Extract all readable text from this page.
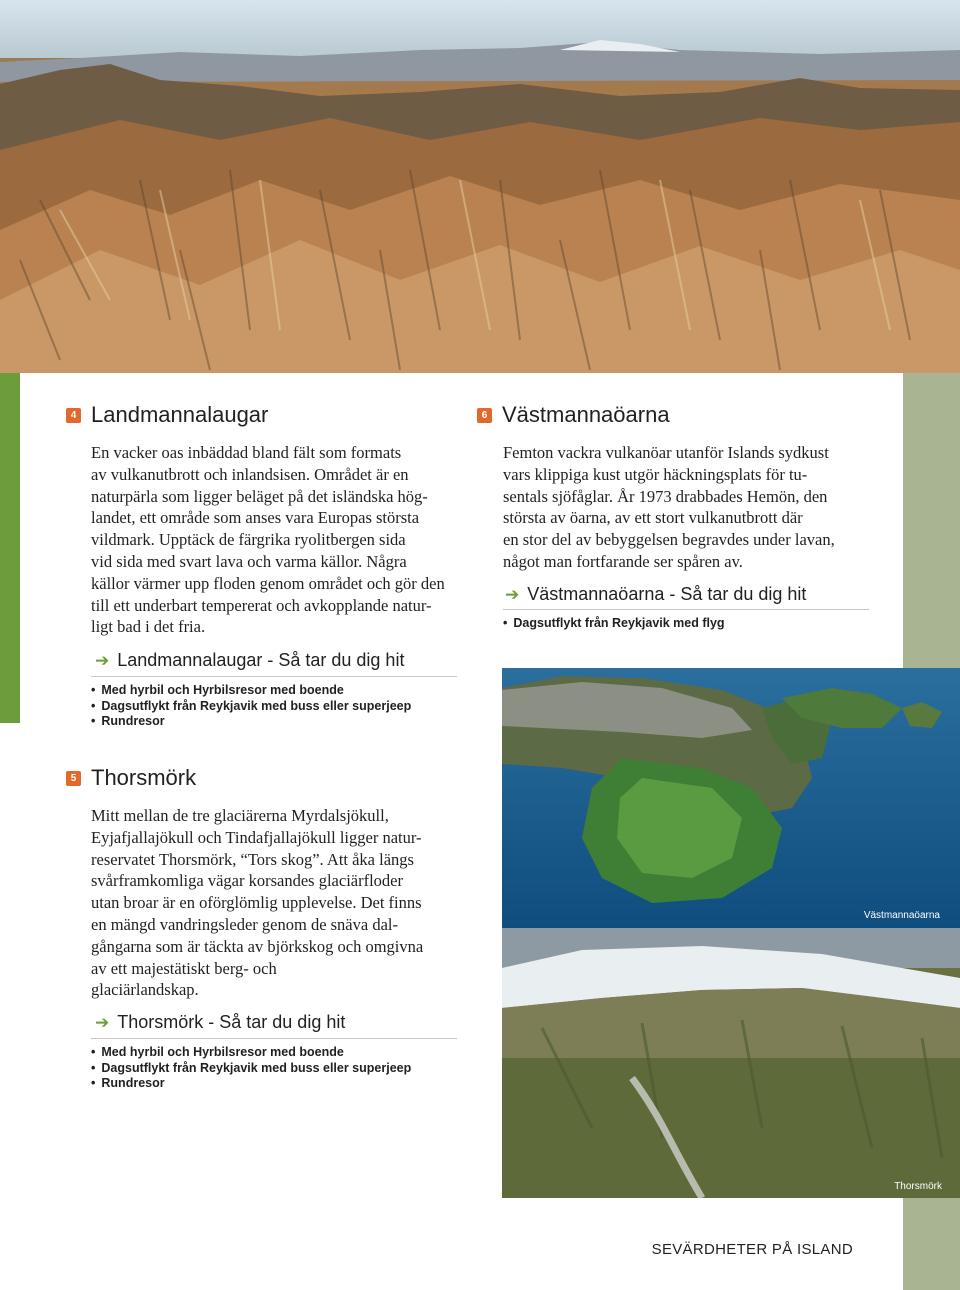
4 Landmannalaugar

En vacker oas inbäddad bland fält som formats

av vulkanutbrott och inlandsisen. Området är en

naturpärla som ligger beläget på det isländska hög-

landet, ett område som anses vara Europas största

vildmark. Upptäck de färgrika ryolitbergen sida

vid sida med svart lava och varma källor. Några

källor värmer upp floden genom området och gör den

till ett underbart tempererat och avkopplande natur-

ligt bad i det fria.

➔ Landmannalaugar - Så tar du dig hit
• Med hyrbil och Hyrbilsresor med boende
• Dagsutflykt från Reykjavik med buss eller superjeep
• Rundresor
5 Thorsmörk

Mitt mellan de tre glaciärerna Myrdalsjökull,

Eyjafjallajökull och Tindafjallajökull ligger natur-

reservatet Thorsmörk, “Tors skog”. Att åka längs

svårframkomliga vägar korsandes glaciärfloder

utan broar är en oförglömlig upplevelse. Det finns

en mängd vandringsleder genom de snäva dal-

gångarna som är täckta av björkskog och omgivna

av ett majestätiskt berg- och

glaciärlandskap.

➔ Thorsmörk - Så tar du dig hit
• Med hyrbil och Hyrbilsresor med boende
• Dagsutflykt från Reykjavik med buss eller superjeep
• Rundresor
6 Västmannaöarna

Femton vackra vulkanöar utanför Islands sydkust

vars klippiga kust utgör häckningsplats för tu-

sentals sjöfåglar. År 1973 drabbades Hemön, den

största av öarna, av ett stort vulkanutbrott där

en stor del av bebyggelsen begravdes under lavan,

något man fortfarande ser spåren av.

➔ Västmannaöarna - Så tar du dig hit
• Dagsutflykt från Reykjavik med flyg
Västmannaöarna
Thorsmörk
SEVÄRDHETER PÅ ISLAND
